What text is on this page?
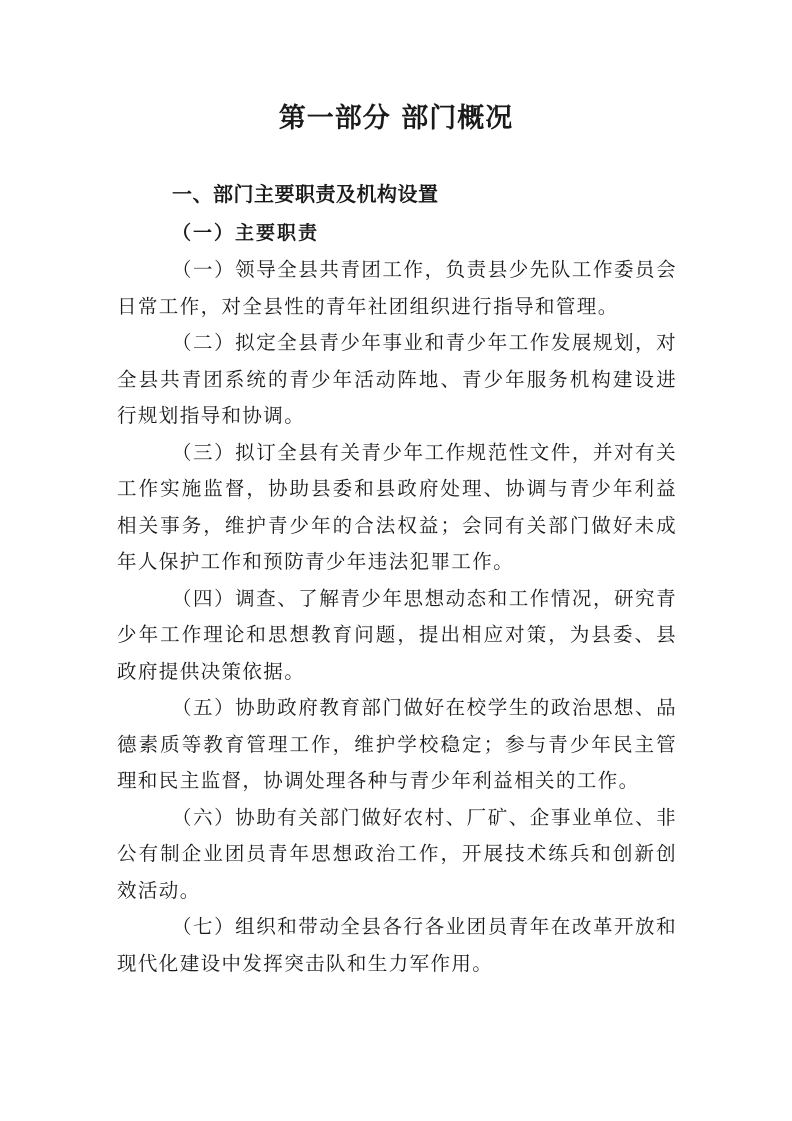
第一部分 部门概况
一、部门主要职责及机构设置
（一）主要职责

（一）领导全县共青团工作，负责县少先队工作委员会日常工作，对全县性的青年社团组织进行指导和管理。

（二）拟定全县青少年事业和青少年工作发展规划，对全县共青团系统的青少年活动阵地、青少年服务机构建设进行规划指导和协调。

（三）拟订全县有关青少年工作规范性文件，并对有关工作实施监督，协助县委和县政府处理、协调与青少年利益相关事务，维护青少年的合法权益；会同有关部门做好未成年人保护工作和预防青少年违法犯罪工作。

（四）调查、了解青少年思想动态和工作情况，研究青少年工作理论和思想教育问题，提出相应对策，为县委、县政府提供决策依据。

（五）协助政府教育部门做好在校学生的政治思想、品德素质等教育管理工作，维护学校稳定；参与青少年民主管理和民主监督，协调处理各种与青少年利益相关的工作。

（六）协助有关部门做好农村、厂矿、企事业单位、非公有制企业团员青年思想政治工作，开展技术练兵和创新创效活动。

（七）组织和带动全县各行各业团员青年在改革开放和现代化建设中发挥突击队和生力军作用。
